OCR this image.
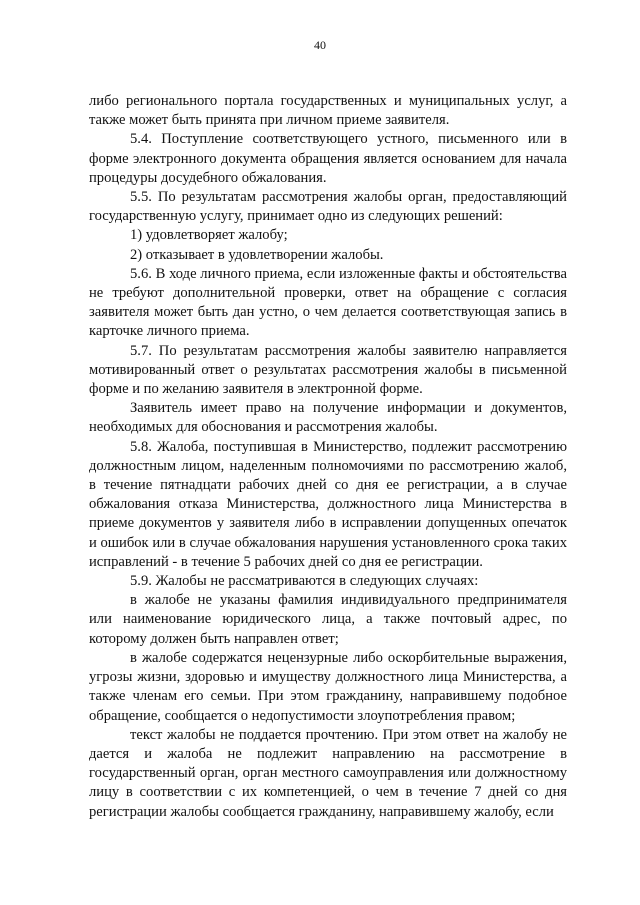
40

либо регионального портала государственных и муниципальных услуг, а также может быть принята при личном приеме заявителя.

5.4. Поступление соответствующего устного, письменного или в форме электронного документа обращения является основанием для начала процедуры досудебного обжалования.

5.5. По результатам рассмотрения жалобы орган, предоставляющий государственную услугу, принимает одно из следующих решений:

1) удовлетворяет жалобу;

2) отказывает в удовлетворении жалобы.

5.6. В ходе личного приема, если изложенные факты и обстоятельства не требуют дополнительной проверки, ответ на обращение с согласия заявителя может быть дан устно, о чем делается соответствующая запись в карточке личного приема.

5.7. По результатам рассмотрения жалобы заявителю направляется мотивированный ответ о результатах рассмотрения жалобы в письменной форме и по желанию заявителя в электронной форме.

Заявитель имеет право на получение информации и документов, необходимых для обоснования и рассмотрения жалобы.

5.8. Жалоба, поступившая в Министерство, подлежит рассмотрению должностным лицом, наделенным полномочиями по рассмотрению жалоб, в течение пятнадцати рабочих дней со дня ее регистрации, а в случае обжалования отказа Министерства, должностного лица Министерства в приеме документов у заявителя либо в исправлении допущенных опечаток и ошибок или в случае обжалования нарушения установленного срока таких исправлений - в течение 5 рабочих дней со дня ее регистрации.

5.9. Жалобы не рассматриваются в следующих случаях:

в жалобе не указаны фамилия индивидуального предпринимателя или наименование юридического лица, а также почтовый адрес, по которому должен быть направлен ответ;

в жалобе содержатся нецензурные либо оскорбительные выражения, угрозы жизни, здоровью и имуществу должностного лица Министерства, а также членам его семьи. При этом гражданину, направившему подобное обращение, сообщается о недопустимости злоупотребления правом;

текст жалобы не поддается прочтению. При этом ответ на жалобу не дается и жалоба не подлежит направлению на рассмотрение в государственный орган, орган местного самоуправления или должностному лицу в соответствии с их компетенцией, о чем в течение 7 дней со дня регистрации жалобы сообщается гражданину, направившему жалобу, если
